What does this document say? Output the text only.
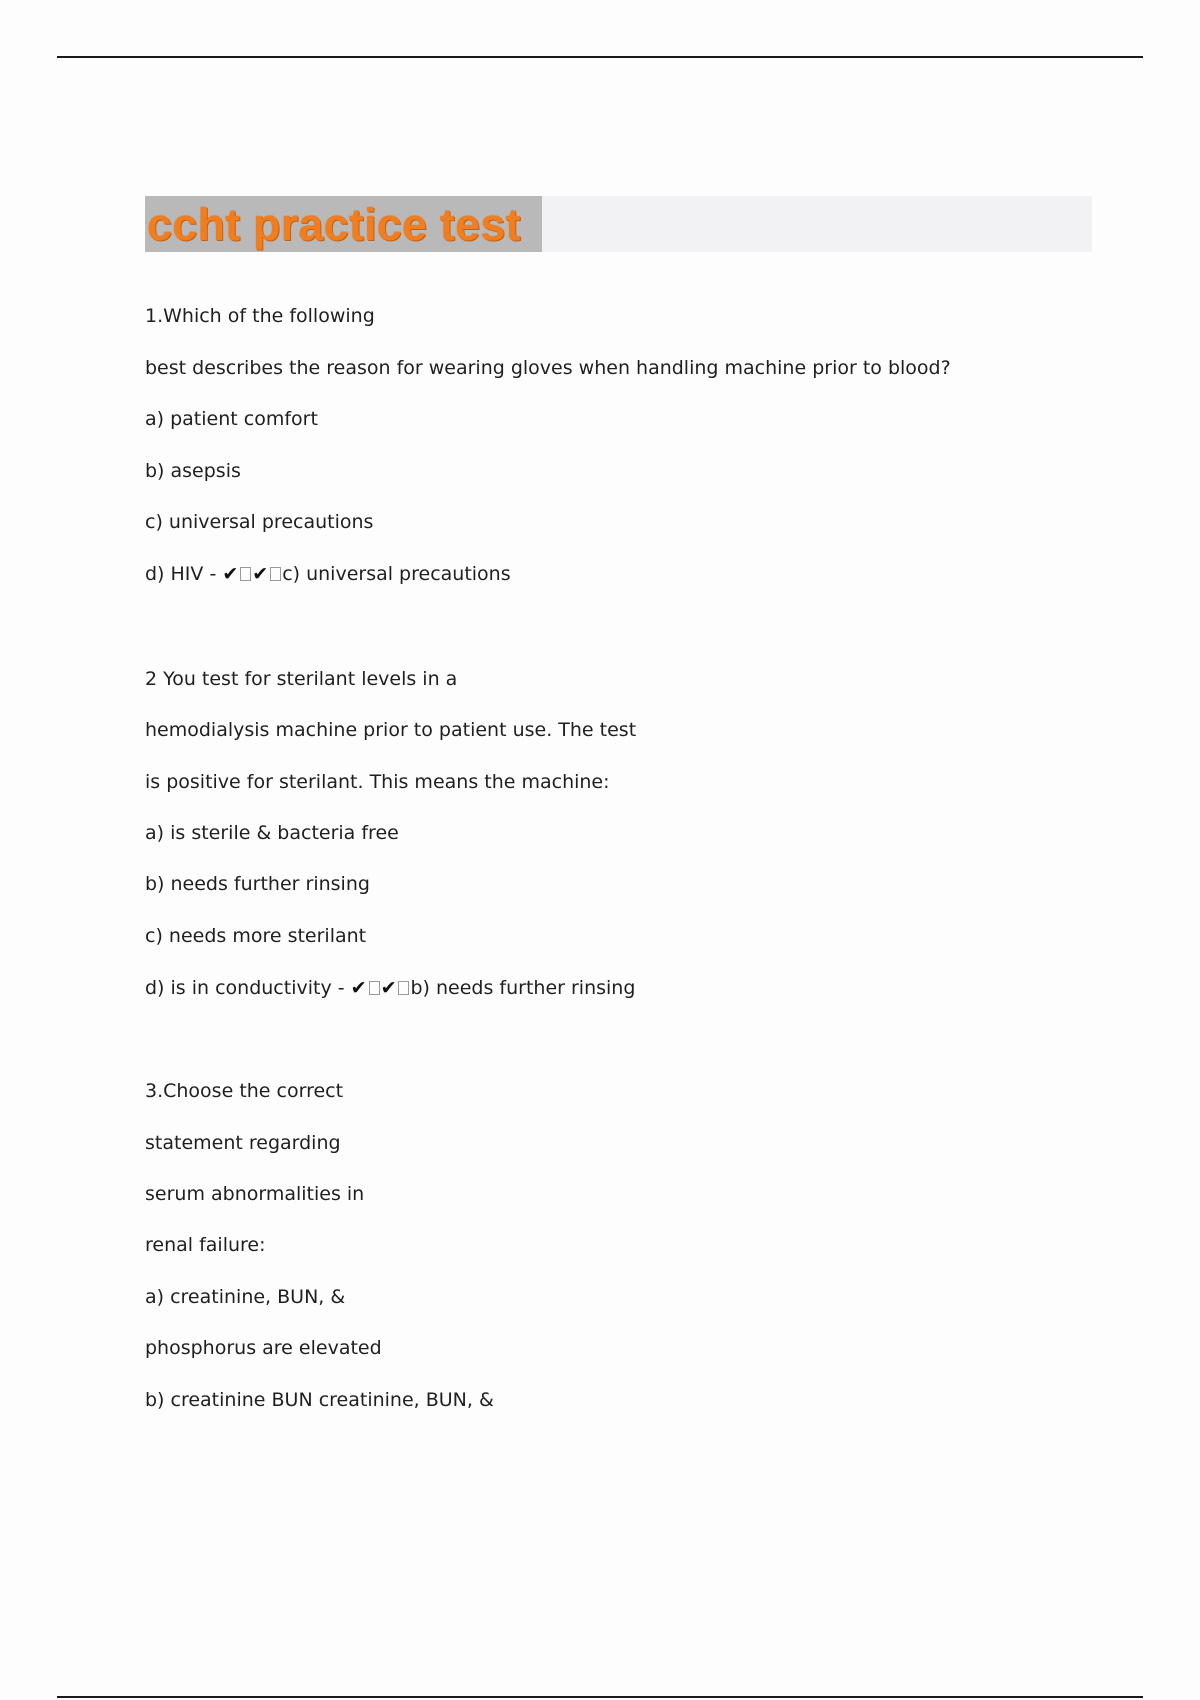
ccht practice test
1.Which of the following
best describes the reason for wearing gloves when handling machine prior to blood?
a) patient comfort
b) asepsis
c) universal precautions
d) HIV - ✔ ✔ c) universal precautions
2 You test for sterilant levels in a
hemodialysis machine prior to patient use. The test
is positive for sterilant. This means the machine:
a) is sterile & bacteria free
b) needs further rinsing
c) needs more sterilant
d) is in conductivity - ✔ ✔ b) needs further rinsing
3.Choose the correct
statement regarding
serum abnormalities in
renal failure:
a) creatinine, BUN, &
phosphorus are elevated
b) creatinine BUN creatinine, BUN, &
